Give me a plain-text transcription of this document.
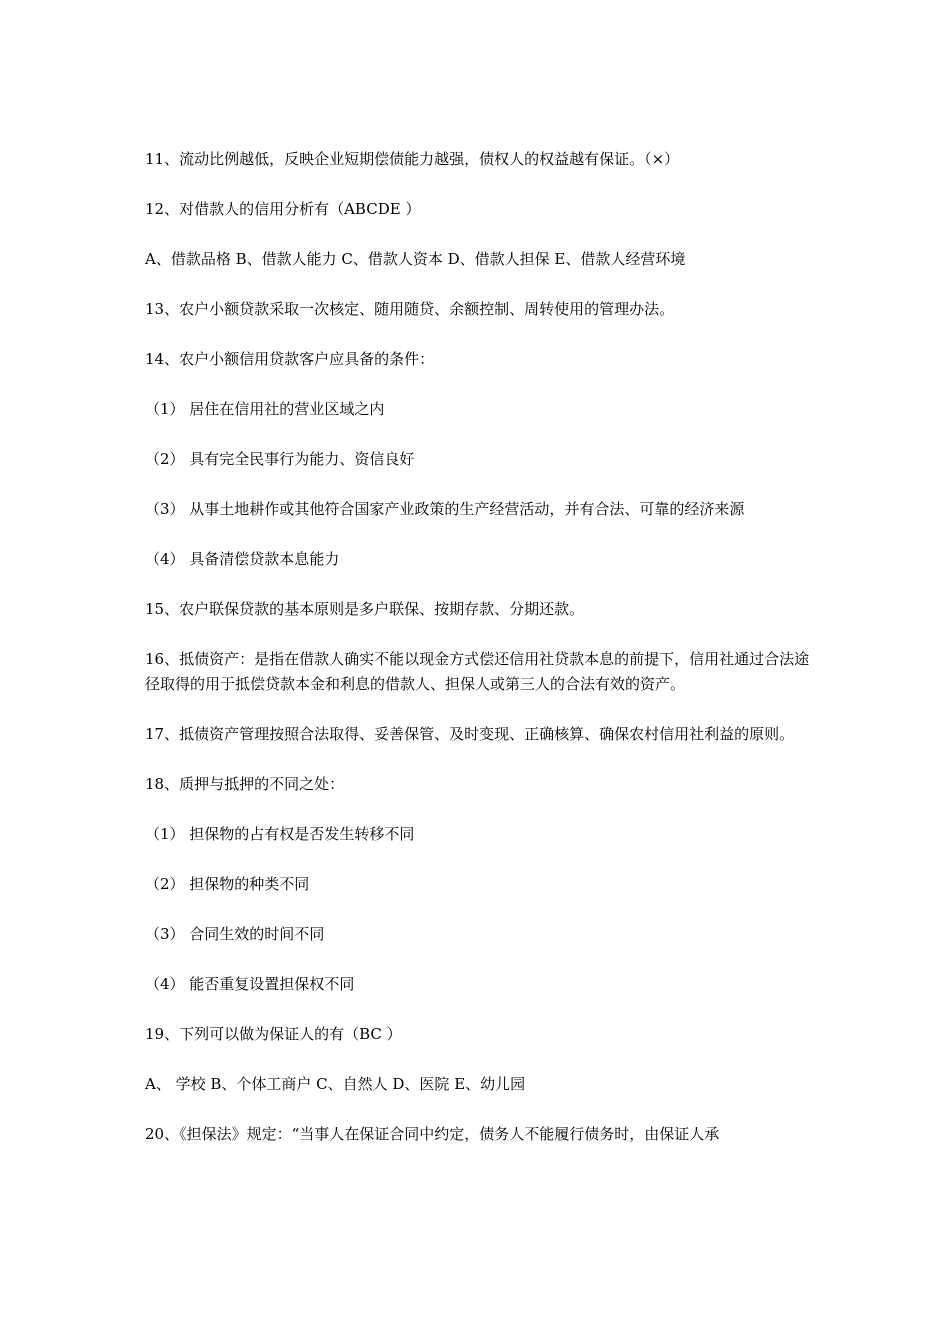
11、流动比例越低，反映企业短期偿债能力越强，债权人的权益越有保证。（×）

12、对借款人的信用分析有（ABCDE ）

A、借款品格 B、借款人能力 C、借款人资本 D、借款人担保 E、借款人经营环境

13、农户小额贷款采取一次核定、随用随贷、余额控制、周转使用的管理办法。

14、农户小额信用贷款客户应具备的条件：

（1） 居住在信用社的营业区域之内

（2） 具有完全民事行为能力、资信良好

（3） 从事土地耕作或其他符合国家产业政策的生产经营活动，并有合法、可靠的经济来源

（4） 具备清偿贷款本息能力

15、农户联保贷款的基本原则是多户联保、按期存款、分期还款。

16、抵债资产：是指在借款人确实不能以现金方式偿还信用社贷款本息的前提下，信用社通过合法途径取得的用于抵偿贷款本金和利息的借款人、担保人或第三人的合法有效的资产。

17、抵债资产管理按照合法取得、妥善保管、及时变现、正确核算、确保农村信用社利益的原则。

18、质押与抵押的不同之处：

（1） 担保物的占有权是否发生转移不同

（2） 担保物的种类不同

（3） 合同生效的时间不同

（4） 能否重复设置担保权不同

19、下列可以做为保证人的有（BC ）

A、 学校 B、个体工商户 C、自然人 D、医院 E、幼儿园

20、《担保法》规定：“当事人在保证合同中约定，债务人不能履行债务时，由保证人承
